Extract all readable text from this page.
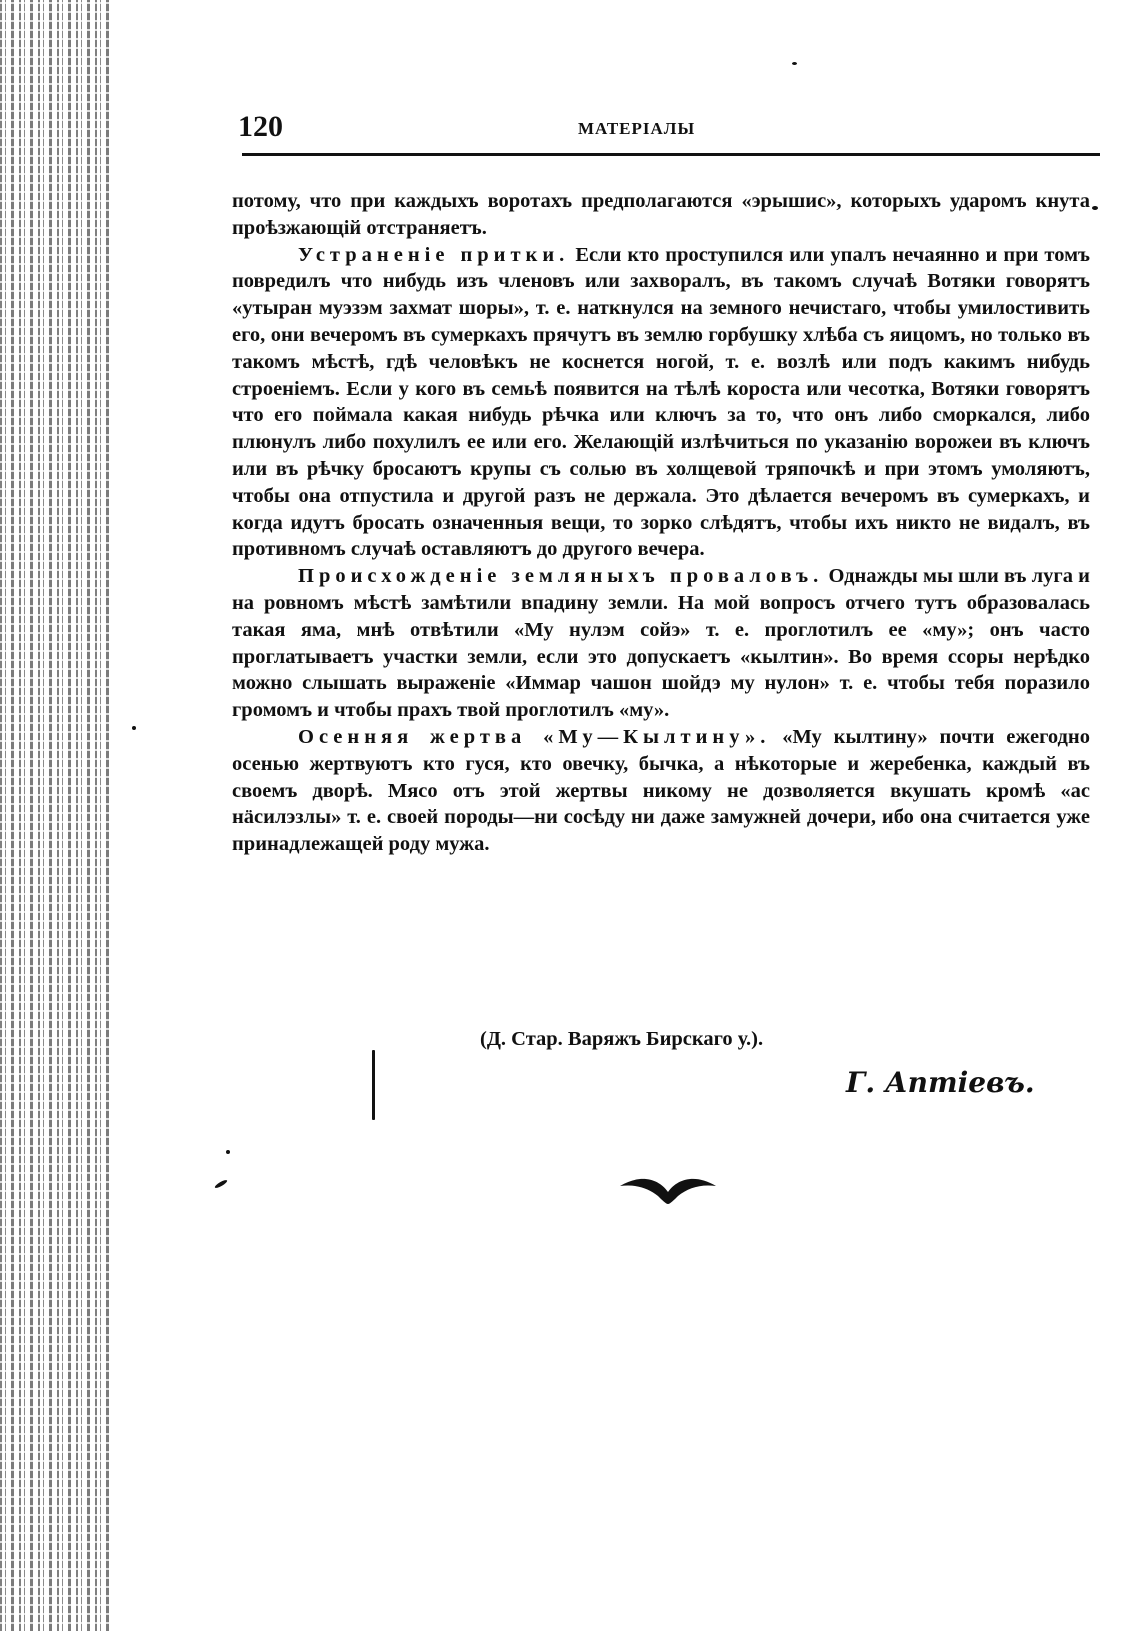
120	МАТЕРІАЛЫ

потому, что при каждыхъ воротахъ предполагаются «эрышис», которыхъ ударомъ кнута проѣзжающій отстраняетъ.

Устраненіе притки. Если кто проступился или упалъ нечаянно и при томъ повредилъ что нибудь изъ членовъ или захворалъ, въ такомъ случаѣ Вотяки говорятъ «утыран муэзэм захмат шоры», т. е. наткнулся на земного нечистаго, чтобы умилостивить его, они вечеромъ въ сумеркахъ прячутъ въ землю горбушку хлѣба съ яицомъ, но только въ такомъ мѣстѣ, гдѣ человѣкъ не коснется ногой, т. е. возлѣ или подъ какимъ нибудь строеніемъ. Если у кого въ семьѣ появится на тѣлѣ короста или чесотка, Вотяки говорятъ что его поймала какая нибудь рѣчка или ключъ за то, что онъ либо сморкался, либо плюнулъ либо похулилъ ее или его. Желающій излѣчиться по указанію ворожеи въ ключъ или въ рѣчку бросаютъ крупы съ солью въ холщевой тряпочкѣ и при этомъ умоляютъ, чтобы она отпустила и другой разъ не держала. Это дѣлается вечеромъ въ сумеркахъ, и когда идутъ бросать означенныя вещи, то зорко слѣдятъ, чтобы ихъ никто не видалъ, въ противномъ случаѣ оставляютъ до другого вечера.

Происхожденіе земляныхъ проваловъ. Однажды мы шли въ луга и на ровномъ мѣстѣ замѣтили впадину земли. На мой вопросъ отчего тутъ образовалась такая яма, мнѣ отвѣтили «Му нулэм сойэ» т. е. проглотилъ ее «му»; онъ часто проглатываетъ участки земли, если это допускаетъ «кылтин». Во время ссоры нерѣдко можно слышать выраженіе «Иммар чашон шойдэ му нулон» т. е. чтобы тебя поразило громомъ и чтобы прахъ твой проглотилъ «му».

Осенняя жертва «Му—Кылтину». «Му кылтину» почти ежегодно осенью жертвуютъ кто гуся, кто овечку, бычка, а нѣкоторые и жеребенка, каждый въ своемъ дворѣ. Мясо отъ этой жертвы никому не дозволяется вкушать кромѣ «ас нäсилэзлы» т. е. своей породы—ни сосѣду ни даже замужней дочери, ибо она считается уже принадлежащей роду мужа.

(Д. Стар. Варяжъ Бирскаго у.).
Г. Аптіевъ.
